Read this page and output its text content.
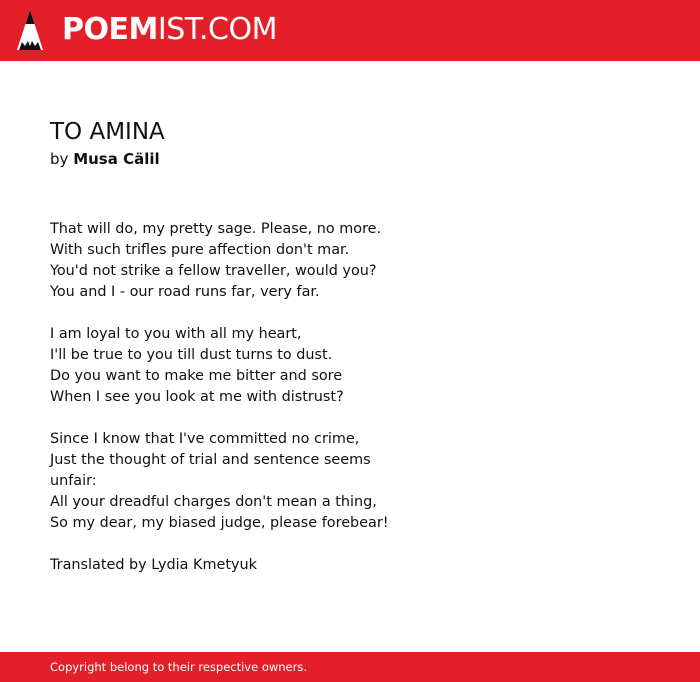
POEMIST.COM
TO AMINA
by Musa Cälil
That will do, my pretty sage. Please, no more.
With such trifles pure affection don't mar.
You'd not strike a fellow traveller, would you?
You and I - our road runs far, very far.
I am loyal to you with all my heart,
I'll be true to you till dust turns to dust.
Do you want to make me bitter and sore
When I see you look at me with distrust?
Since I know that I've committed no crime,
Just the thought of trial and sentence seems
unfair:
All your dreadful charges don't mean a thing,
So my dear, my biased judge, please forebear!
Translated by Lydia Kmetyuk
Copyright belong to their respective owners.
